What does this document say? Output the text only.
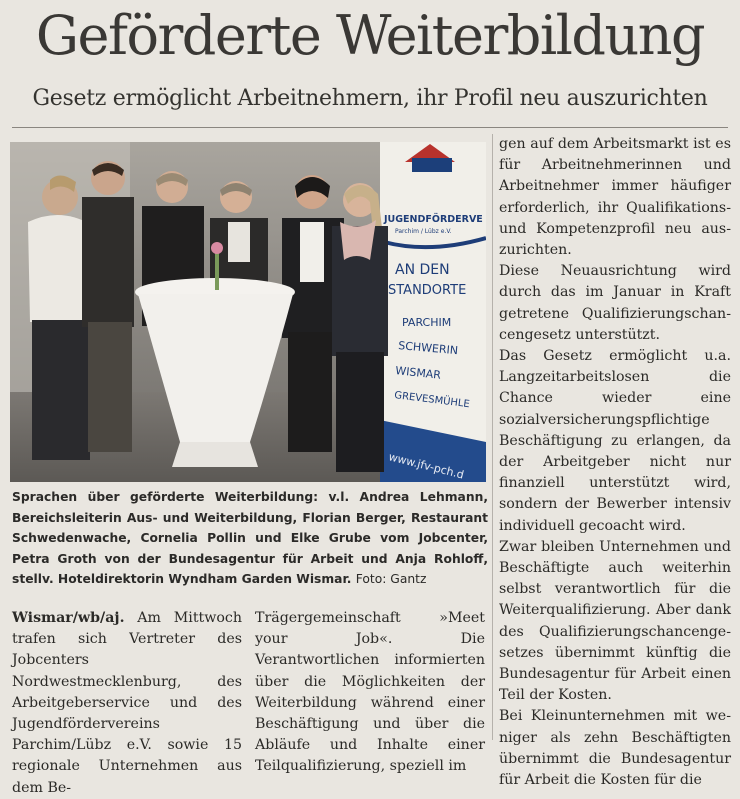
Geförderte Weiterbildung
Gesetz ermöglicht Arbeitnehmern, ihr Profil neu auszurichten
JUGENDFÖRDERVE
Parchim / Lübz e.V.
AN DEN
STANDORTE
PARCHIM
SCHWERIN
WISMAR
GREVESMÜHLE
www.jfv-pch.d
Sprachen über geförderte Weiterbildung: v.l. Andrea Lehmann, Bereichsleiterin Aus- und Weiterbildung, Florian Berger, Restaurant Schwedenwache, Cornelia Pollin und Elke Grube vom Jobcenter, Petra Groth von der Bundesagentur für Arbeit und Anja Rohloff, stellv. Hoteldirektorin Wyndham Garden Wismar. Foto: Gantz

Wismar/wb/aj. Am Mittwoch trafen sich Vertreter des Jobcenters Nordwestmecklenburg, des Arbeitgeberservice und des Jugendfördervereins Parchim/Lübz e.V. sowie 15 regionale Unternehmen aus dem Be-

Trägergemeinschaft »Meet your Job«. Die Verantwortlichen informierten über die Möglichkeiten der Weiterbildung während einer Beschäftigung und über die Abläufe und Inhalte einer Teilqualifizierung, speziell im

gen auf dem Arbeitsmarkt ist es für Arbeitnehmerinnen und Arbeitnehmer immer häufiger erforderlich, ihr Qualifikations- und Kompetenzprofil neu auszurichten.

Diese Neuausrichtung wird durch das im Januar in Kraft getretene Qualifizierungschancengesetz unterstützt.

Das Gesetz ermöglicht u.a. Langzeitarbeitslosen die Chance wieder eine sozialversicherungspflichtige Beschäftigung zu erlangen, da der Arbeitgeber nicht nur finanziell unterstützt wird, sondern der Bewerber intensiv individuell gecoacht wird.

Zwar bleiben Unternehmen und Beschäftigte auch weiterhin selbst verantwortlich für die Weiterqualifizierung. Aber dank des Qualifizierungschancengesetzes übernimmt künftig die Bundesagentur für Arbeit einen Teil der Kosten.

Bei Kleinunternehmen mit weniger als zehn Beschäftigten übernimmt die Bundesagentur für Arbeit die Kosten für die
